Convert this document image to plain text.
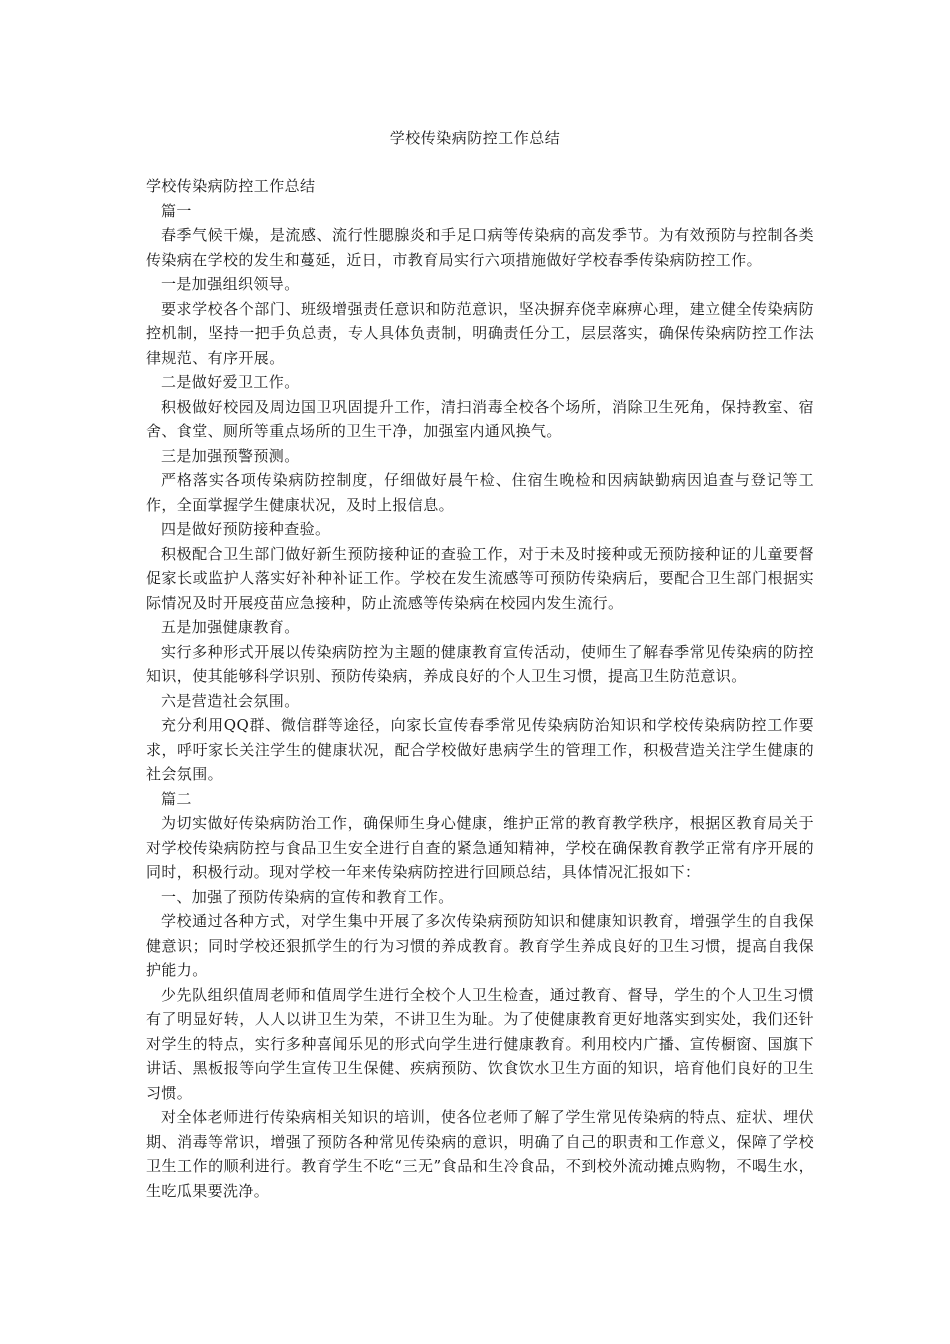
学校传染病防控工作总结

学校传染病防控工作总结

篇一

春季气候干燥，是流感、流行性腮腺炎和手足口病等传染病的高发季节。为有效预防与控制各类传染病在学校的发生和蔓延，近日，市教育局实行六项措施做好学校春季传染病防控工作。

一是加强组织领导。

要求学校各个部门、班级增强责任意识和防范意识，坚决摒弃侥幸麻痹心理，建立健全传染病防控机制，坚持一把手负总责，专人具体负责制，明确责任分工，层层落实，确保传染病防控工作法律规范、有序开展。

二是做好爱卫工作。

积极做好校园及周边国卫巩固提升工作，清扫消毒全校各个场所，消除卫生死角，保持教室、宿舍、食堂、厕所等重点场所的卫生干净，加强室内通风换气。

三是加强预警预测。

严格落实各项传染病防控制度，仔细做好晨午检、住宿生晚检和因病缺勤病因追查与登记等工作，全面掌握学生健康状况，及时上报信息。

四是做好预防接种查验。

积极配合卫生部门做好新生预防接种证的查验工作，对于未及时接种或无预防接种证的儿童要督促家长或监护人落实好补种补证工作。学校在发生流感等可预防传染病后，要配合卫生部门根据实际情况及时开展疫苗应急接种，防止流感等传染病在校园内发生流行。

五是加强健康教育。

实行多种形式开展以传染病防控为主题的健康教育宣传活动，使师生了解春季常见传染病的防控知识，使其能够科学识别、预防传染病，养成良好的个人卫生习惯，提高卫生防范意识。

六是营造社会氛围。

充分利用QQ群、微信群等途径，向家长宣传春季常见传染病防治知识和学校传染病防控工作要求，呼吁家长关注学生的健康状况，配合学校做好患病学生的管理工作，积极营造关注学生健康的社会氛围。

篇二

为切实做好传染病防治工作，确保师生身心健康，维护正常的教育教学秩序，根据区教育局关于对学校传染病防控与食品卫生安全进行自查的紧急通知精神，学校在确保教育教学正常有序开展的同时，积极行动。现对学校一年来传染病防控进行回顾总结，具体情况汇报如下：

一、加强了预防传染病的宣传和教育工作。

学校通过各种方式，对学生集中开展了多次传染病预防知识和健康知识教育，增强学生的自我保健意识；同时学校还狠抓学生的行为习惯的养成教育。教育学生养成良好的卫生习惯，提高自我保护能力。

少先队组织值周老师和值周学生进行全校个人卫生检查，通过教育、督导，学生的个人卫生习惯有了明显好转，人人以讲卫生为荣，不讲卫生为耻。为了使健康教育更好地落实到实处，我们还针对学生的特点，实行多种喜闻乐见的形式向学生进行健康教育。利用校内广播、宣传橱窗、国旗下讲话、黑板报等向学生宣传卫生保健、疾病预防、饮食饮水卫生方面的知识，培育他们良好的卫生习惯。

对全体老师进行传染病相关知识的培训，使各位老师了解了学生常见传染病的特点、症状、埋伏期、消毒等常识，增强了预防各种常见传染病的意识，明确了自己的职责和工作意义，保障了学校卫生工作的顺利进行。教育学生不吃“三无”食品和生冷食品，不到校外流动摊点购物，不喝生水，生吃瓜果要洗净。
